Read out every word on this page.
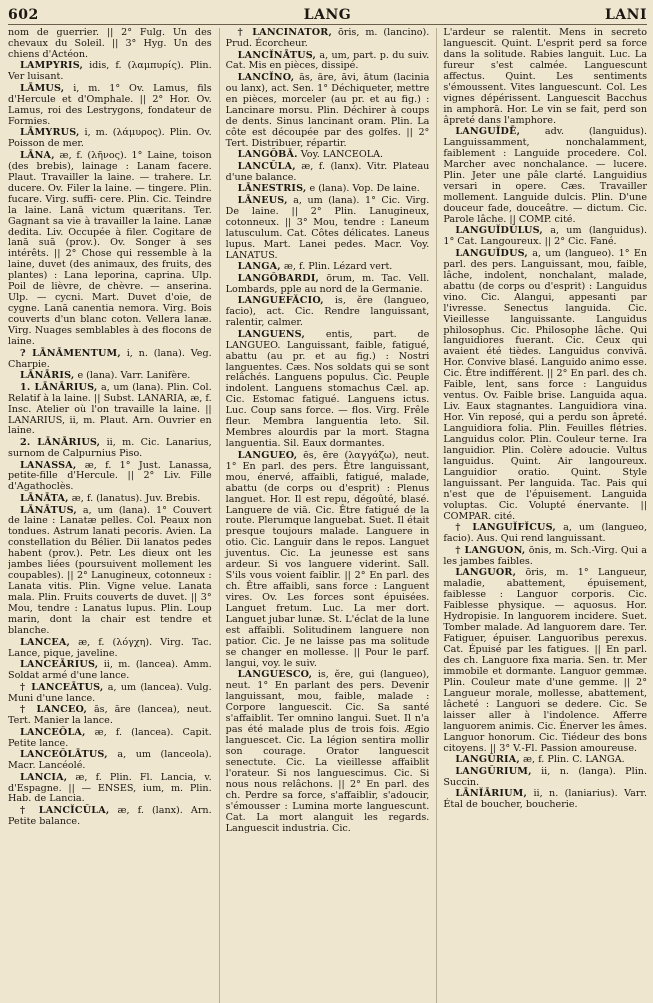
602	LANG	LANI

nom de guerrier. || 2° Fulg. Un des chevaux du Soleil. || 3° Hyg. Un des chiens d'Actéon.

LAMPYRIS, idis, f. (λαμπυρίς). Plin. Ver luisant.

LĀMUS, i, m. 1° Ov. Lamus, fils d'Hercule et d'Omphale. || 2° Hor. Ov. Lamus, roi des Lestrygons, fondateur de Formies.

LĀMYRUS, i, m. (λάμυρος). Plin. Ov. Poisson de mer.

LĀNA, æ, f. (λῆνος). 1° Laine, toison (des brebis), lainage : Lanam facere. Plaut. Travailler la laine. — trahere. Lr. ducere. Ov. Filer la laine. — tingere. Plin. fucare. Virg. suffi- cere. Plin. Cic. Teindre la laine. Lanā victum quæritans. Ter. Gagnant sa vie à travailler la laine. Lanæ dedita. Liv. Occupée à filer. Cogitare de lanā suā (prov.). Ov. Songer à ses intérêts. || 2° Chose qui ressemble à la laine, duvet (des animaux, des fruits, des plantes) : Lana leporina, caprina. Ulp. Poil de lièvre, de chèvre. — anserina. Ulp. — cycni. Mart. Duvet d'oie, de cygne. Lanā canentia nemora. Virg. Bois couverts d'un blanc coton. Vellera lanæ. Virg. Nuages semblables à des flocons de laine.

? LĀNĀMENTUM, i, n. (lana). Veg. Charpie.

LĀNĀRIS, e (lana). Varr. Lanifère.

1. LĀNĀRIUS, a, um (lana). Plin. Col. Relatif à la laine. || Subst. LANARIA, æ, f. Insc. Atelier où l'on travaille la laine. || LANARIUS, ii, m. Plaut. Arn. Ouvrier en laine.

2. LĀNĀRIUS, ii, m. Cic. Lanarius, surnom de Calpurnius Piso.

LANASSA, æ, f. 1° Just. Lanassa, petite-fille d'Hercule. || 2° Liv. Fille d'Agathoclès.

LĀNĀTA, æ, f. (lanatus). Juv. Brebis.

LĀNĀTUS, a, um (lana). 1° Couvert de laine : Lanatæ pelles. Col. Peaux non tondues. Astrum lanati pecoris. Avien. La constellation du Bélier. Dii lanatos pedes habent (prov.). Petr. Les dieux ont les jambes liées (poursuivent mollement les coupables). || 2° Lanugineux, cotonneux : Lanata vitis. Plin. Vigne velue. Lanata mala. Plin. Fruits couverts de duvet. || 3° Mou, tendre : Lanatus lupus. Plin. Loup marin, dont la chair est tendre et blanche.

LANCEA, æ, f. (λόγχη). Virg. Tac. Lance, pique, javeline.

LANCEĀRIUS, ii, m. (lancea). Amm. Soldat armé d'une lance.

† LANCEĀTUS, a, um (lancea). Vulg. Muni d'une lance.

† LANCEO, ās, āre (lancea), neut. Tert. Manier la lance.

LANCEŎLA, æ, f. (lancea). Capit. Petite lance.

LANCEŎLĀTUS, a, um (lanceola). Macr. Lancéolé.

LANCIA, æ, f. Plin. Fl. Lancia, v. d'Espagne. || — ENSES, ium, m. Plin. Hab. de Lancia.

† LANCĬCŬLA, æ, f. (lanx). Arn. Petite balance.

† LANCĬNĀTOR, ōris, m. (lancino). Prud. Écorcheur.

LANCĬNĀTUS, a, um, part. p. du suiv. Cat. Mis en pièces, dissipé.

LANCĬNO, ās, āre, āvi, ātum (lacinia ou lanx), act. Sen. 1° Déchiqueter, mettre en pièces, morceler (au pr. et au fig.) : Lancinare morsu. Plin. Déchirer à coups de dents. Sinus lancinant oram. Plin. La côte est découpée par des golfes. || 2° Tert. Distribuer, répartir.

LANGŎBĀ. Voy. LANCEOLA.

LANCŬLA, æ, f. (lanx). Vitr. Plateau d'une balance.

LĀNESTRIS, e (lana). Vop. De laine.

LĀNEUS, a, um (lana). 1° Cic. Virg. De laine. || 2° Plin. Lanugineux, cotonneux. || 3° Mou, tendre : Laneum latusculum. Cat. Côtes délicates. Laneus lupus. Mart. Lanei pedes. Macr. Voy. LANATUS.

LANGA, æ, f. Plin. Lézard vert.

LANGŎBARDI, ōrum, m. Tac. Vell. Lombards, pple au nord de la Germanie.

LANGUEFĂCIO, is, ĕre (langueo, facio), act. Cic. Rendre languissant, ralentir, calmer.

LANGUENS, entis, part. de LANGUEO. Languissant, faible, fatigué, abattu (au pr. et au fig.) : Nostri languentes. Cæs. Nos soldats qui se sont relâchés. Languens populus. Cic. Peuple indolent. Languens stomachus Cæl. ap. Cic. Estomac fatigué. Languens ictus. Luc. Coup sans force. — flos. Virg. Frêle fleur. Membra languentia leto. Sil. Membres alourdis par la mort. Stagna languentia. Sil. Eaux dormantes.

LANGUEO, ēs, ēre (λαγγάζω), neut. 1° En parl. des pers. Être languissant, mou, énervé, affaibli, fatigué, malade, abattu (de corps ou d'esprit) : Plenus languet. Hor. Il est repu, dégoûté, blasé. Languere de viā. Cic. Être fatigué de la route. Plerumque languebat. Suet. Il était presque toujours malade. Languere in otio. Cic. Languir dans le repos. Languet juventus. Cic. La jeunesse est sans ardeur. Si vos languere viderint. Sall. S'ils vous voient faiblir. || 2° En parl. des ch. Être affaibli, sans force : Languent vires. Ov. Les forces sont épuisées. Languet fretum. Luc. La mer dort. Languet jubar lunæ. St. L'éclat de la lune est affaibli. Solitudinem languere non patior. Cic. Je ne laisse pas ma solitude se changer en mollesse. || Pour le parf. langui, voy. le suiv.

LANGUESCO, is, ĕre, gui (langueo), neut. 1° En parlant des pers. Devenir languissant, mou, faible, malade : Corpore languescit. Cic. Sa santé s'affaiblit. Ter omnino langui. Suet. Il n'a pas été malade plus de trois fois. Ægio languescet. Cic. La légion sentira mollir son courage. Orator languescit senectute. Cic. La vieillesse affaiblit l'orateur. Si nos languescimus. Cic. Si nous nous relâchons. || 2° En parl. des ch. Perdre sa force, s'affaiblir, s'adoucir, s'émousser : Lumina morte languescunt. Cat. La mort alanguit les regards. Languescit industria. Cic.

L'ardeur se ralentit. Mens in secreto languescit. Quint. L'esprit perd sa force dans la solitude. Rabies languit. Luc. La fureur s'est calmée. Languescunt affectus. Quint. Les sentiments s'émoussent. Vites languescunt. Col. Les vignes dépérissent. Languescit Bacchus in amphorā. Hor. Le vin se fait, perd son âpreté dans l'amphore.

LANGUĬDĒ,	adv. (languidus). Languissamment, nonchalamment, faiblement : Languide procedere. Col. Marcher avec nonchalance. — lucere. Plin. Jeter une pâle clarté. Languidius versari in opere. Cæs. Travailler mollement. Languide dulcis. Plin. D'une douceur fade, douceâtre. — dictum. Cic. Parole lâche. || COMP. cité.

LANGUĬDŬLUS, a, um (languidus). 1° Cat. Langoureux. || 2° Cic. Fané.

LANGUĬDUS, a, um (langueo). 1° En parl. des pers. Languissant, mou, faible, lâche, indolent, nonchalant, malade, abattu (de corps ou d'esprit) : Languidus vino. Cic. Alangui, appesanti par l'ivresse. Senectus languida. Cic. Vieillesse languissante. Languidus philosophus. Cic. Philosophe lâche. Qui languidiores fuerant. Cic. Ceux qui avaient été tièdes. Languidus convivā. Hor. Convive blasé. Languido animo esse. Cic. Être indifférent. || 2° En parl. des ch. Faible, lent, sans force : Languidus ventus. Ov. Faible brise. Languida aqua. Liv. Eaux stagnantes. Languidiora vina. Hor. Vin reposé, qui a perdu son âpreté. Languidiora folia. Plin. Feuilles flétries. Languidus color. Plin. Couleur terne. Ira languidior. Plin. Colère adoucie. Vultus languidus. Quint. Air langoureux. Languidior oratio. Quint. Style languissant. Per languida. Tac. Pais qui n'est que de l'épuisement. Languida voluptas. Cic. Volupté énervante. || COMPAR. cité.

† LANGUĬFĬCUS, a, um (langueo, facio). Aus. Qui rend languissant.

† LANGUON, ōnis, m. Sch.-Virg. Qui a les jambes faibles.

LANGUOR, ōris, m. 1° Langueur, maladie, abattement, épuisement, faiblesse : Languor corporis. Cic. Faiblesse physique. — aquosus. Hor. Hydropisie. In languorem incidere. Suet. Tomber malade. Ad languorem dare. Ter. Fatiguer, épuiser. Languoribus perexus. Cat. Épuisé par les fatigues. || En parl. des ch. Languore fixa maria. Sen. tr. Mer immobile et dormante. Languor gemmæ. Plin. Couleur mate d'une gemme. || 2° Langueur morale, mollesse, abattement, lâcheté : Languori se dedere. Cic. Se laisser aller à l'indolence. Afferre languorem animis. Cic. Énerver les âmes. Languor honorum. Cic. Tiédeur des bons citoyens. || 3° V.-Fl. Passion amoureuse.

LANGŬRIA, æ, f. Plin. C. LANGA.

LANGŬRIUM, ii, n. (langa). Plin. Succin.

LĀNĬĀRIUM, ii, n. (laniarius). Varr. Étal de boucher, boucherie.
